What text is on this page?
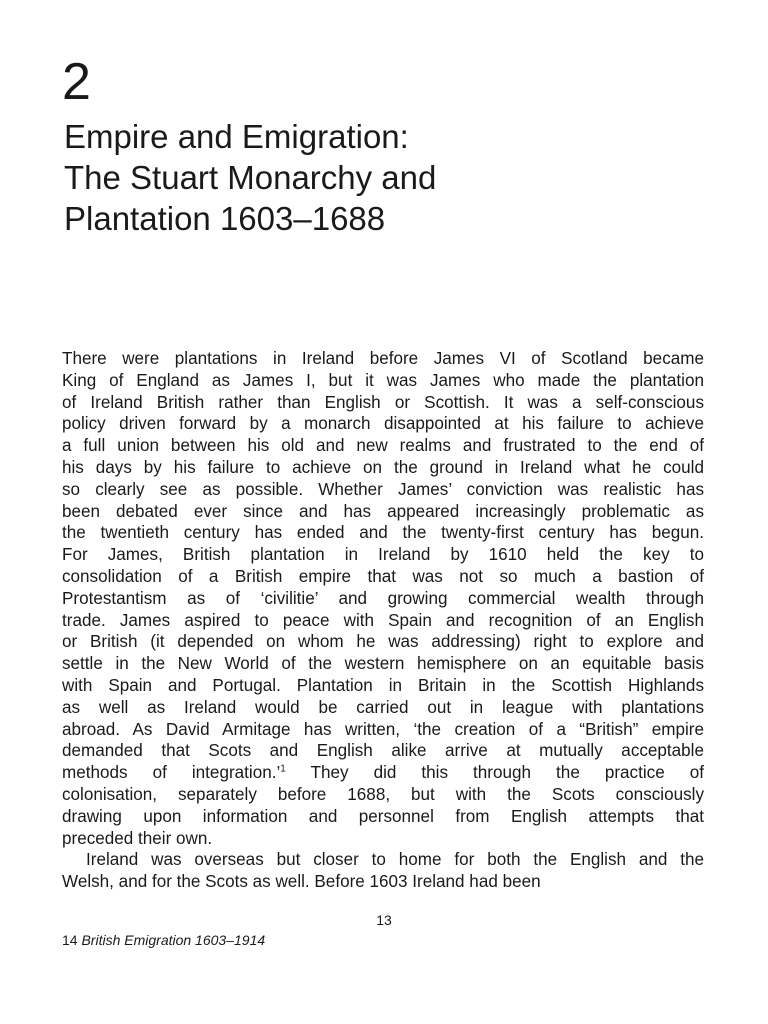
2
Empire and Emigration:
The Stuart Monarchy and
Plantation 1603–1688
There were plantations in Ireland before James VI of Scotland became
King of England as James I, but it was James who made the plantation
of Ireland British rather than English or Scottish. It was a self-conscious
policy driven forward by a monarch disappointed at his failure to achieve
a full union between his old and new realms and frustrated to the end of
his days by his failure to achieve on the ground in Ireland what he could
so clearly see as possible. Whether James’ conviction was realistic has
been debated ever since and has appeared increasingly problematic as
the twentieth century has ended and the twenty-first century has begun.
For James, British plantation in Ireland by 1610 held the key to
consolidation of a British empire that was not so much a bastion of
Protestantism as of ‘civilitie’ and growing commercial wealth through
trade. James aspired to peace with Spain and recognition of an English
or British (it depended on whom he was addressing) right to explore and
settle in the New World of the western hemisphere on an equitable basis
with Spain and Portugal. Plantation in Britain in the Scottish Highlands
as well as Ireland would be carried out in league with plantations
abroad. As David Armitage has written, ‘the creation of a “British” empire
demanded that Scots and English alike arrive at mutually acceptable
methods of integration.’$^1$ They did this through the practice of
colonisation, separately before 1688, but with the Scots consciously
drawing upon information and personnel from English attempts that
preceded their own.
Ireland was overseas but closer to home for both the English and the
Welsh, and for the Scots as well. Before 1603 Ireland had been
13
14 British Emigration 1603–1914
